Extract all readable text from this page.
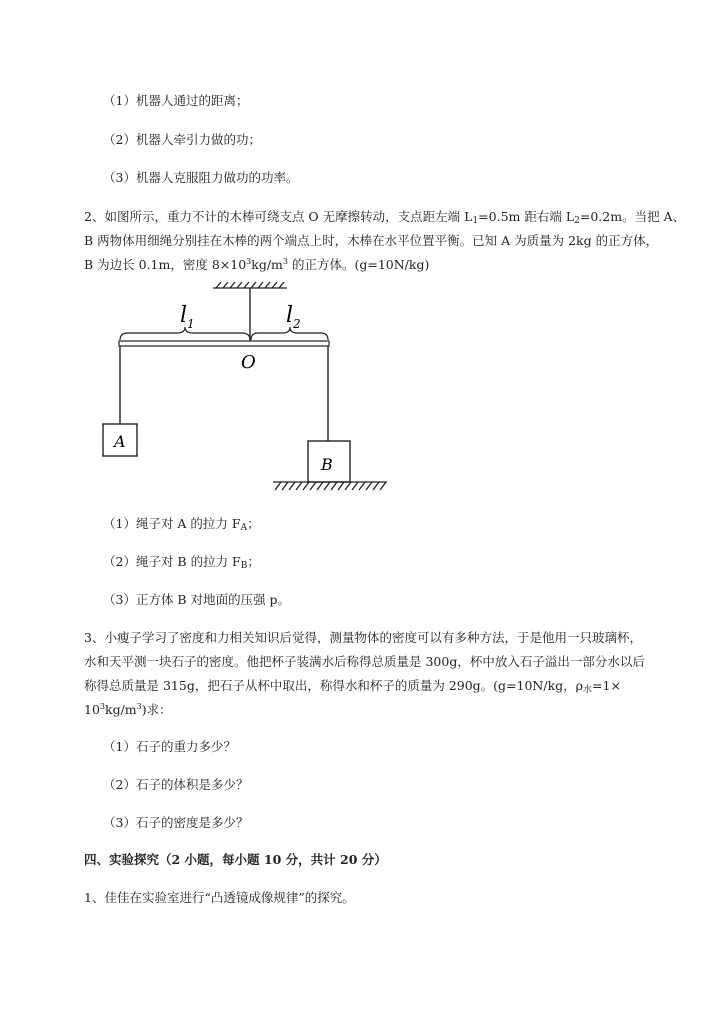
（1）机器人通过的距离；
（2）机器人牵引力做的功；
（3）机器人克服阻力做功的功率。
2、如图所示，重力不计的木棒可绕支点 O 无摩擦转动，支点距左端 $L_1=0.5m$ 距右端 $L_2=0.2m$。当把 A、
B 两物体用细绳分别挂在木棒的两个端点上时，木棒在水平位置平衡。已知 A 为质量为 2kg 的正方体，
B 为边长 0.1m，密度 $8\times 10^3kg/m^3$ 的正方体。(g=10N/kg)
$l_1$	$l_2$
O
A
B
（1）绳子对 A 的拉力 $F_A$；
（2）绳子对 B 的拉力 $F_B$；
（3）正方体 B 对地面的压强 p。
3、小瘦子学习了密度和力相关知识后觉得，测量物体的密度可以有多种方法，于是他用一只玻璃杯，
水和天平测一块石子的密度。他把杯子装满水后称得总质量是 300g，杯中放入石子溢出一部分水以后
称得总质量是 315g，把石子从杯中取出，称得水和杯子的质量为 290g。(g=10N/kg，$\rho_水=1\times$
$10^3kg/m^3$)求：
（1）石子的重力多少？
（2）石子的体积是多少？
（3）石子的密度是多少？
四、实验探究（2 小题，每小题 10 分，共计 20 分）
1、佳佳在实验室进行“凸透镜成像规律”的探究。
